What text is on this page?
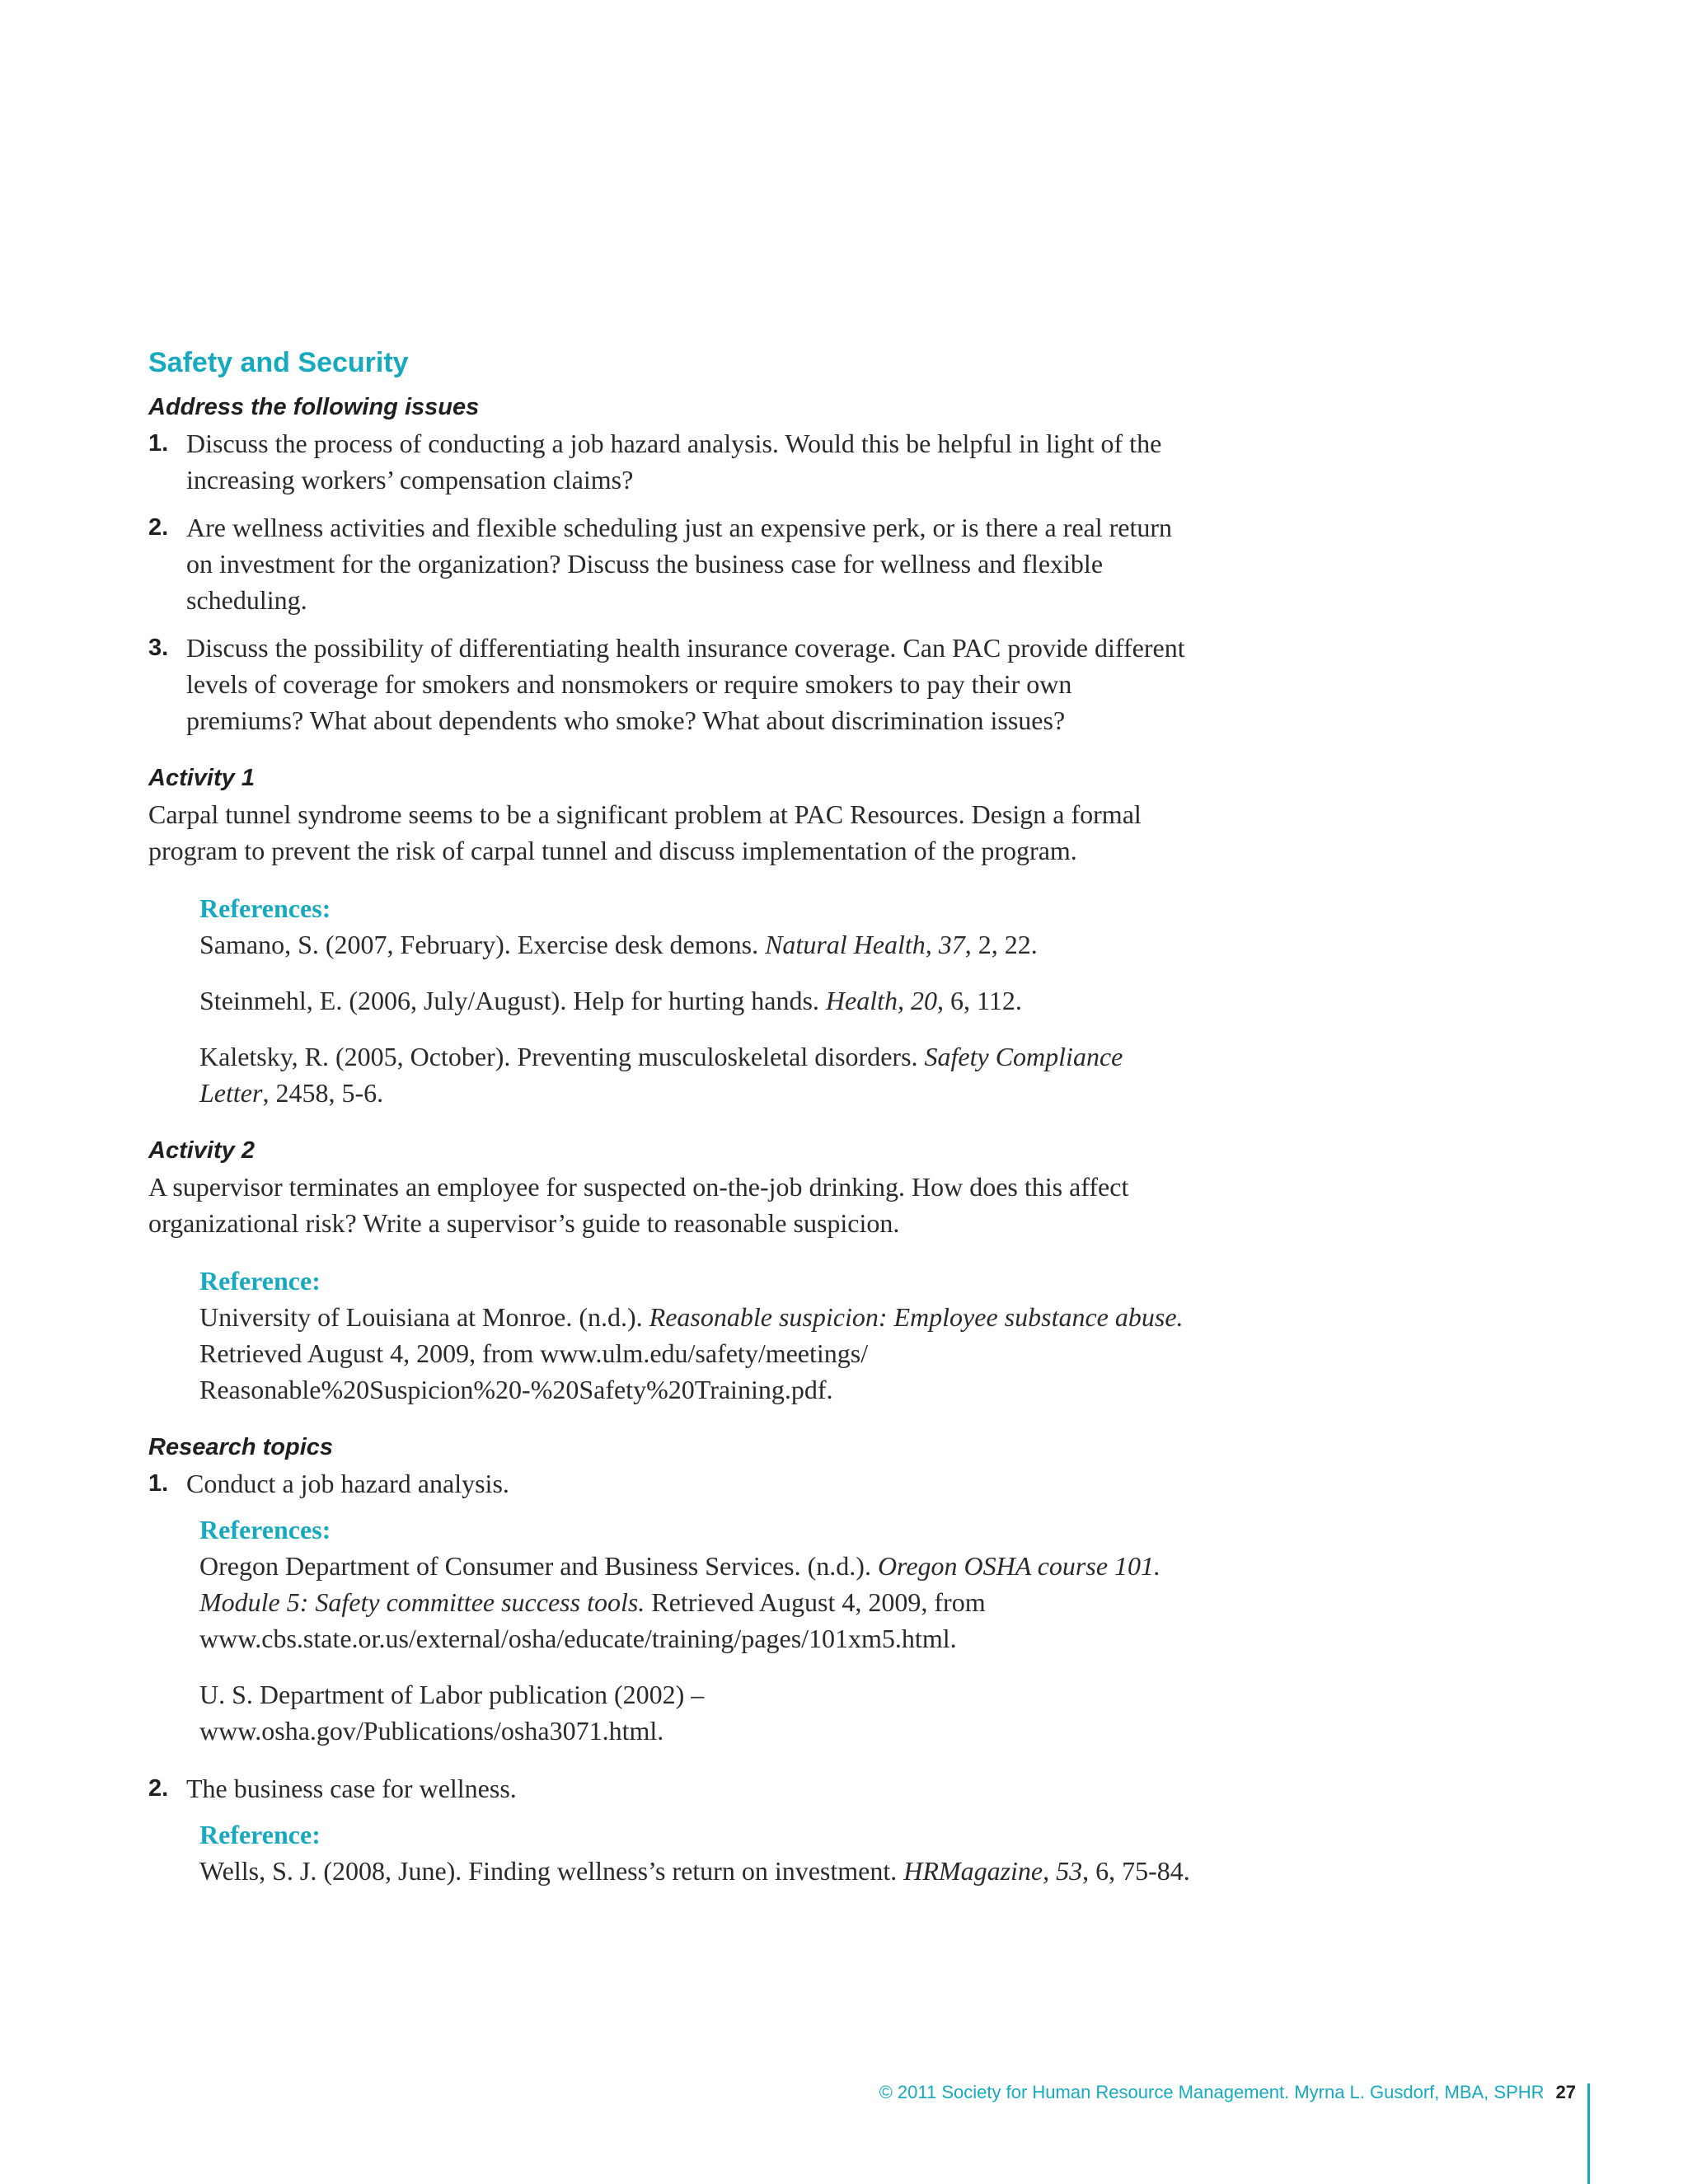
Safety and Security
Address the following issues
1. Discuss the process of conducting a job hazard analysis. Would this be helpful in light of the increasing workers’ compensation claims?
2. Are wellness activities and flexible scheduling just an expensive perk, or is there a real return on investment for the organization? Discuss the business case for wellness and flexible scheduling.
3. Discuss the possibility of differentiating health insurance coverage. Can PAC provide different levels of coverage for smokers and nonsmokers or require smokers to pay their own premiums? What about dependents who smoke? What about discrimination issues?
Activity 1

Carpal tunnel syndrome seems to be a significant problem at PAC Resources. Design a formal program to prevent the risk of carpal tunnel and discuss implementation of the program.

References:

Samano, S. (2007, February). Exercise desk demons. Natural Health, 37, 2, 22.

Steinmehl, E. (2006, July/August). Help for hurting hands. Health, 20, 6, 112.

Kaletsky, R. (2005, October). Preventing musculoskeletal disorders. Safety Compliance Letter, 2458, 5-6.

Activity 2

A supervisor terminates an employee for suspected on-the-job drinking. How does this affect organizational risk? Write a supervisor’s guide to reasonable suspicion.

Reference:

University of Louisiana at Monroe. (n.d.). Reasonable suspicion: Employee substance abuse. Retrieved August 4, 2009, from www.ulm.edu/safety/meetings/ Reasonable%20Suspicion%20-%20Safety%20Training.pdf.

Research topics
1. Conduct a job hazard analysis.

References:

Oregon Department of Consumer and Business Services. (n.d.). Oregon OSHA course 101. Module 5: Safety committee success tools. Retrieved August 4, 2009, from www.cbs.state.or.us/external/osha/educate/training/pages/101xm5.html.

U. S. Department of Labor publication (2002) – www.osha.gov/Publications/osha3071.html.

2. The business case for wellness.

Reference:

Wells, S. J. (2008, June). Finding wellness’s return on investment. HRMagazine, 53, 6, 75-84.

© 2011 Society for Human Resource Management. Myrna L. Gusdorf, MBA, SPHR 27
